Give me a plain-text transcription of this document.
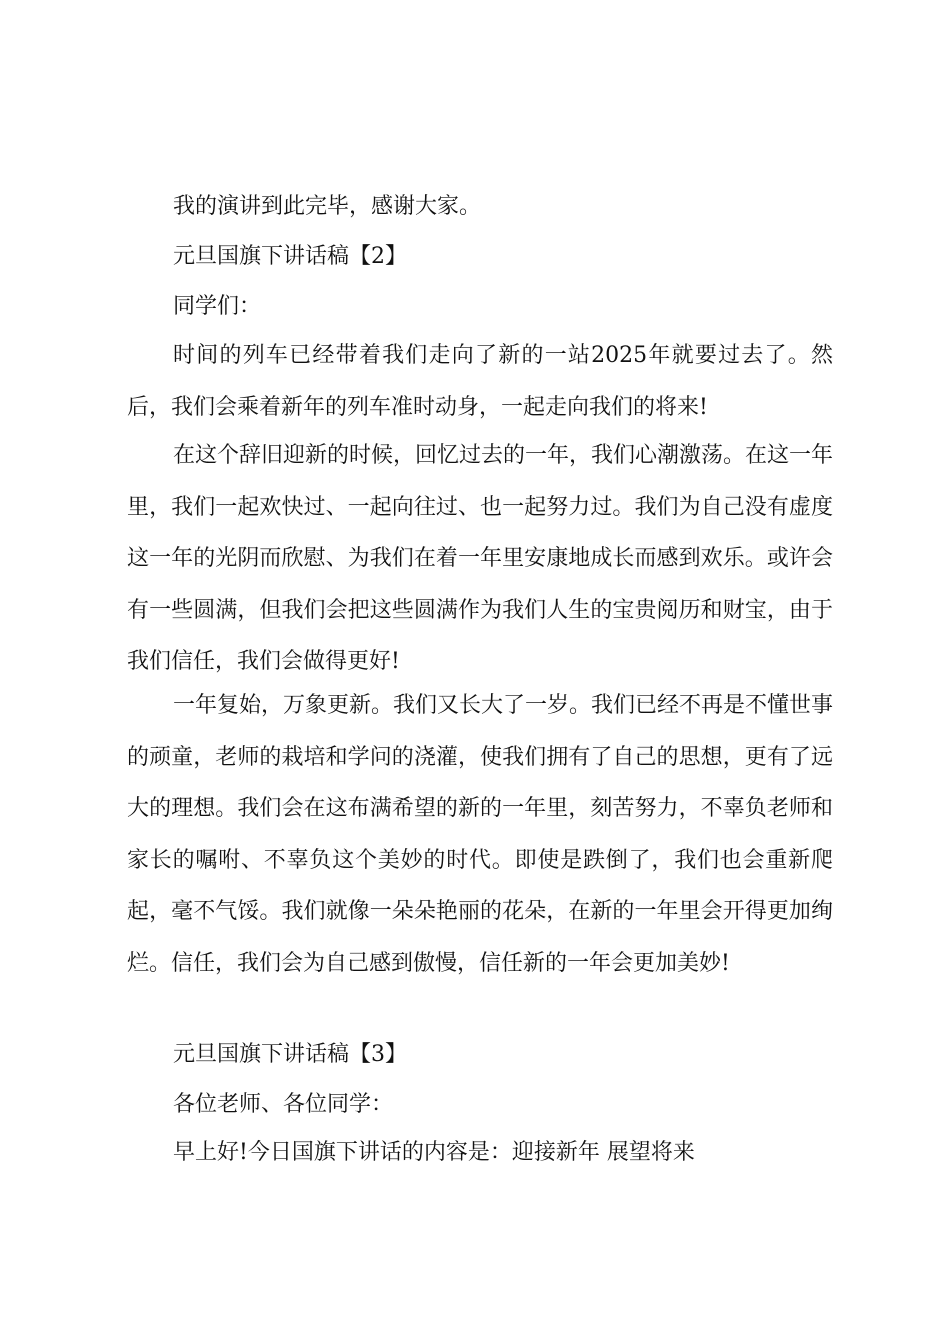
我的演讲到此完毕，感谢大家。
元旦国旗下讲话稿【2】
同学们：

时间的列车已经带着我们走向了新的一站2025年就要过去了。然后，我们会乘着新年的列车准时动身，一起走向我们的将来!

在这个辞旧迎新的时候，回忆过去的一年，我们心潮激荡。在这一年里，我们一起欢快过、一起向往过、也一起努力过。我们为自己没有虚度这一年的光阴而欣慰、为我们在着一年里安康地成长而感到欢乐。或许会有一些圆满，但我们会把这些圆满作为我们人生的宝贵阅历和财宝，由于我们信任，我们会做得更好!

一年复始，万象更新。我们又长大了一岁。我们已经不再是不懂世事的顽童，老师的栽培和学问的浇灌，使我们拥有了自己的思想，更有了远大的理想。我们会在这布满希望的新的一年里，刻苦努力，不辜负老师和家长的嘱咐、不辜负这个美妙的时代。即使是跌倒了，我们也会重新爬起，毫不气馁。我们就像一朵朵艳丽的花朵，在新的一年里会开得更加绚烂。信任，我们会为自己感到傲慢，信任新的一年会更加美妙!

元旦国旗下讲话稿【3】
各位老师、各位同学：
早上好!今日国旗下讲话的内容是：迎接新年 展望将来
